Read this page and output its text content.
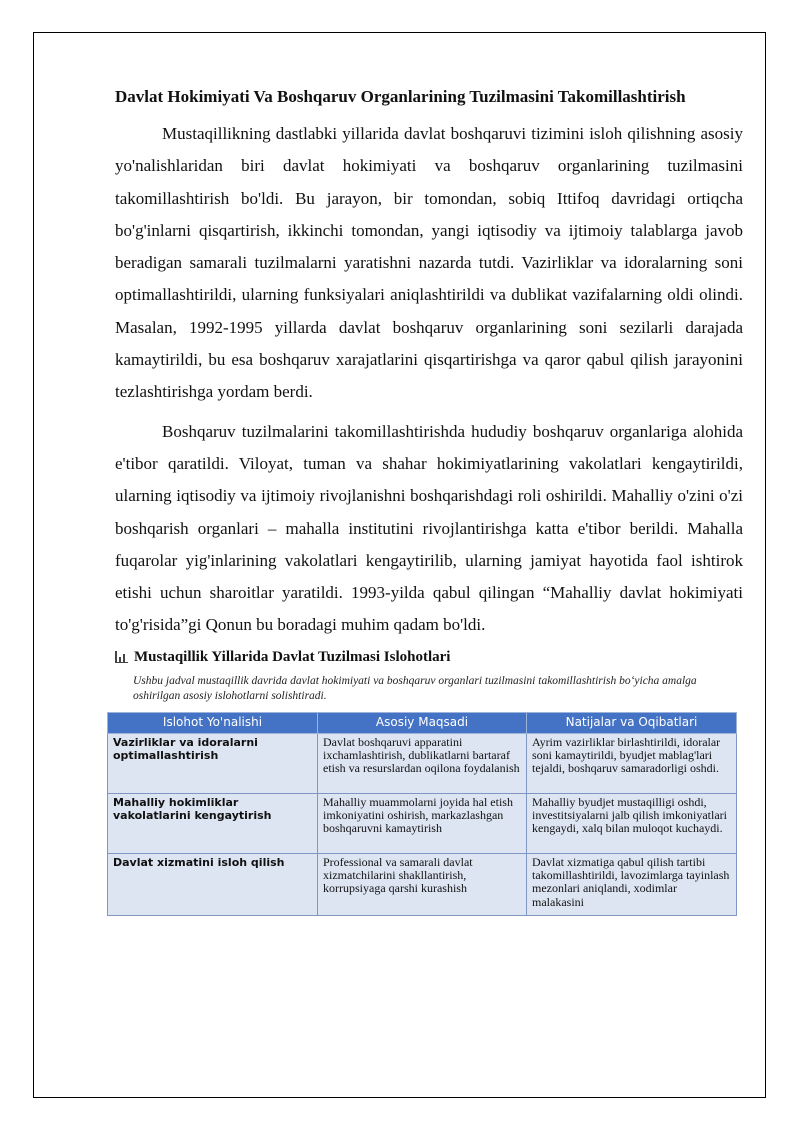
Davlat Hokimiyati Va Boshqaruv Organlarining Tuzilmasini Takomillashtirish

Mustaqillikning dastlabki yillarida davlat boshqaruvi tizimini isloh qilishning asosiy yo'nalishlaridan biri davlat hokimiyati va boshqaruv organlarining tuzilmasini takomillashtirish bo'ldi. Bu jarayon, bir tomondan, sobiq Ittifoq davridagi ortiqcha bo'g'inlarni qisqartirish, ikkinchi tomondan, yangi iqtisodiy va ijtimoiy talablarga javob beradigan samarali tuzilmalarni yaratishni nazarda tutdi. Vazirliklar va idoralarning soni optimallashtirildi, ularning funksiyalari aniqlashtirildi va dublikat vazifalarning oldi olindi. Masalan, 1992-1995 yillarda davlat boshqaruv organlarining soni sezilarli darajada kamaytirildi, bu esa boshqaruv xarajatlarini qisqartirishga va qaror qabul qilish jarayonini tezlashtirishga yordam berdi.

Boshqaruv tuzilmalarini takomillashtirishda hududiy boshqaruv organlariga alohida e'tibor qaratildi. Viloyat, tuman va shahar hokimiyatlarining vakolatlari kengaytirildi, ularning iqtisodiy va ijtimoiy rivojlanishni boshqarishdagi roli oshirildi. Mahalliy o'zini o'zi boshqarish organlari – mahalla institutini rivojlantirishga katta e'tibor berildi. Mahalla fuqarolar yig'inlarining vakolatlari kengaytirilib, ularning jamiyat hayotida faol ishtirok etishi uchun sharoitlar yaratildi. 1993-yilda qabul qilingan “Mahalliy davlat hokimiyati to'g'risida”gi Qonun bu boradagi muhim qadam bo'ldi.

Mustaqillik Yillarida Davlat Tuzilmasi Islohotlari
Ushbu jadval mustaqillik davrida davlat hokimiyati va boshqaruv organlari tuzilmasini takomillashtirish bo‘yicha amalga oshirilgan asosiy islohotlarni solishtiradi.
Islohot Yo'nalishi	Asosiy Maqsadi	Natijalar va Oqibatlari
Vazirliklar va idoralarni optimallashtirish	Davlat boshqaruvi apparatini ixchamlashtirish, dublikatlarni bartaraf etish va resurslardan oqilona foydalanish	Ayrim vazirliklar birlashtirildi, idoralar soni kamaytirildi, byudjet mablag'lari tejaldi, boshqaruv samaradorligi oshdi.
Mahalliy hokimliklar vakolatlarini kengaytirish	Mahalliy muammolarni joyida hal etish imkoniyatini oshirish, markazlashgan boshqaruvni kamaytirish	Mahalliy byudjet mustaqilligi oshdi, investitsiyalarni jalb qilish imkoniyatlari kengaydi, xalq bilan muloqot kuchaydi.
Davlat xizmatini isloh qilish	Professional va samarali davlat xizmatchilarini shakllantirish, korrupsiyaga qarshi kurashish	Davlat xizmatiga qabul qilish tartibi takomillashtirildi, lavozimlarga tayinlash mezonlari aniqlandi, xodimlar malakasini
